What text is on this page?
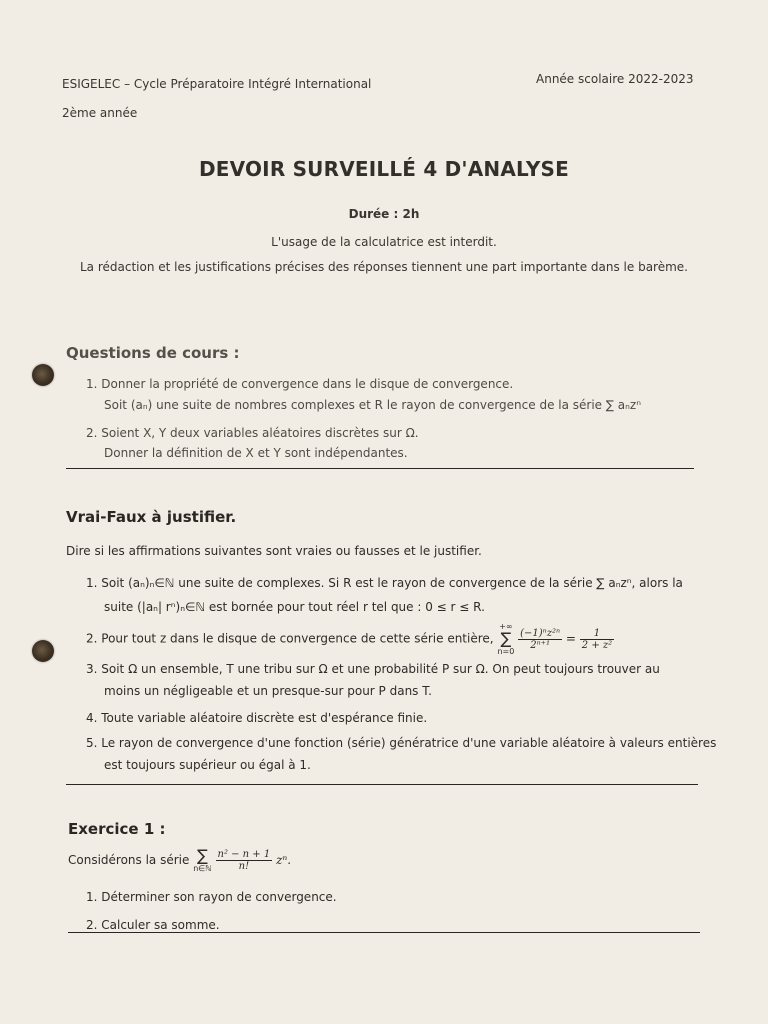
ESIGELEC – Cycle Préparatoire Intégré International
2ème année
Année scolaire 2022-2023
DEVOIR SURVEILLÉ 4 D'ANALYSE
Durée : 2h
L'usage de la calculatrice est interdit.
La rédaction et les justifications précises des réponses tiennent une part importante dans le barème.
Questions de cours :
1. Donner la propriété de convergence dans le disque de convergence.
Soit (aₙ) une suite de nombres complexes et R le rayon de convergence de la série ∑ aₙzⁿ
2. Soient X, Y deux variables aléatoires discrètes sur Ω.
Donner la définition de X et Y sont indépendantes.
Vrai-Faux à justifier.
Dire si les affirmations suivantes sont vraies ou fausses et le justifier.
1. Soit (aₙ)ₙ∈ℕ une suite de complexes. Si R est le rayon de convergence de la série ∑ aₙzⁿ, alors la
suite (|aₙ| rⁿ)ₙ∈ℕ est bornée pour tout réel r tel que : 0 ≤ r ≤ R.
2. Pour tout z dans le disque de convergence de cette série entière, +∞
∑
n=0
$\frac{\text{(−1)ⁿz²ⁿ}}{\text{2ⁿ⁺¹}} = \frac{1}{\text{2 + z²}}$
3. Soit Ω un ensemble, T une tribu sur Ω et une probabilité P sur Ω. On peut toujours trouver au
moins un négligeable et un presque-sur pour P dans T.
4. Toute variable aléatoire discrète est d'espérance finie.
5. Le rayon de convergence d'une fonction (série) génératrice d'une variable aléatoire à valeurs entières
est toujours supérieur ou égal à 1.
Exercice 1 :
Considérons la série ∑
n∈ℕ $\frac{\text{n² − n + 1}}{n!} z^n$.
1. Déterminer son rayon de convergence.
2. Calculer sa somme.
